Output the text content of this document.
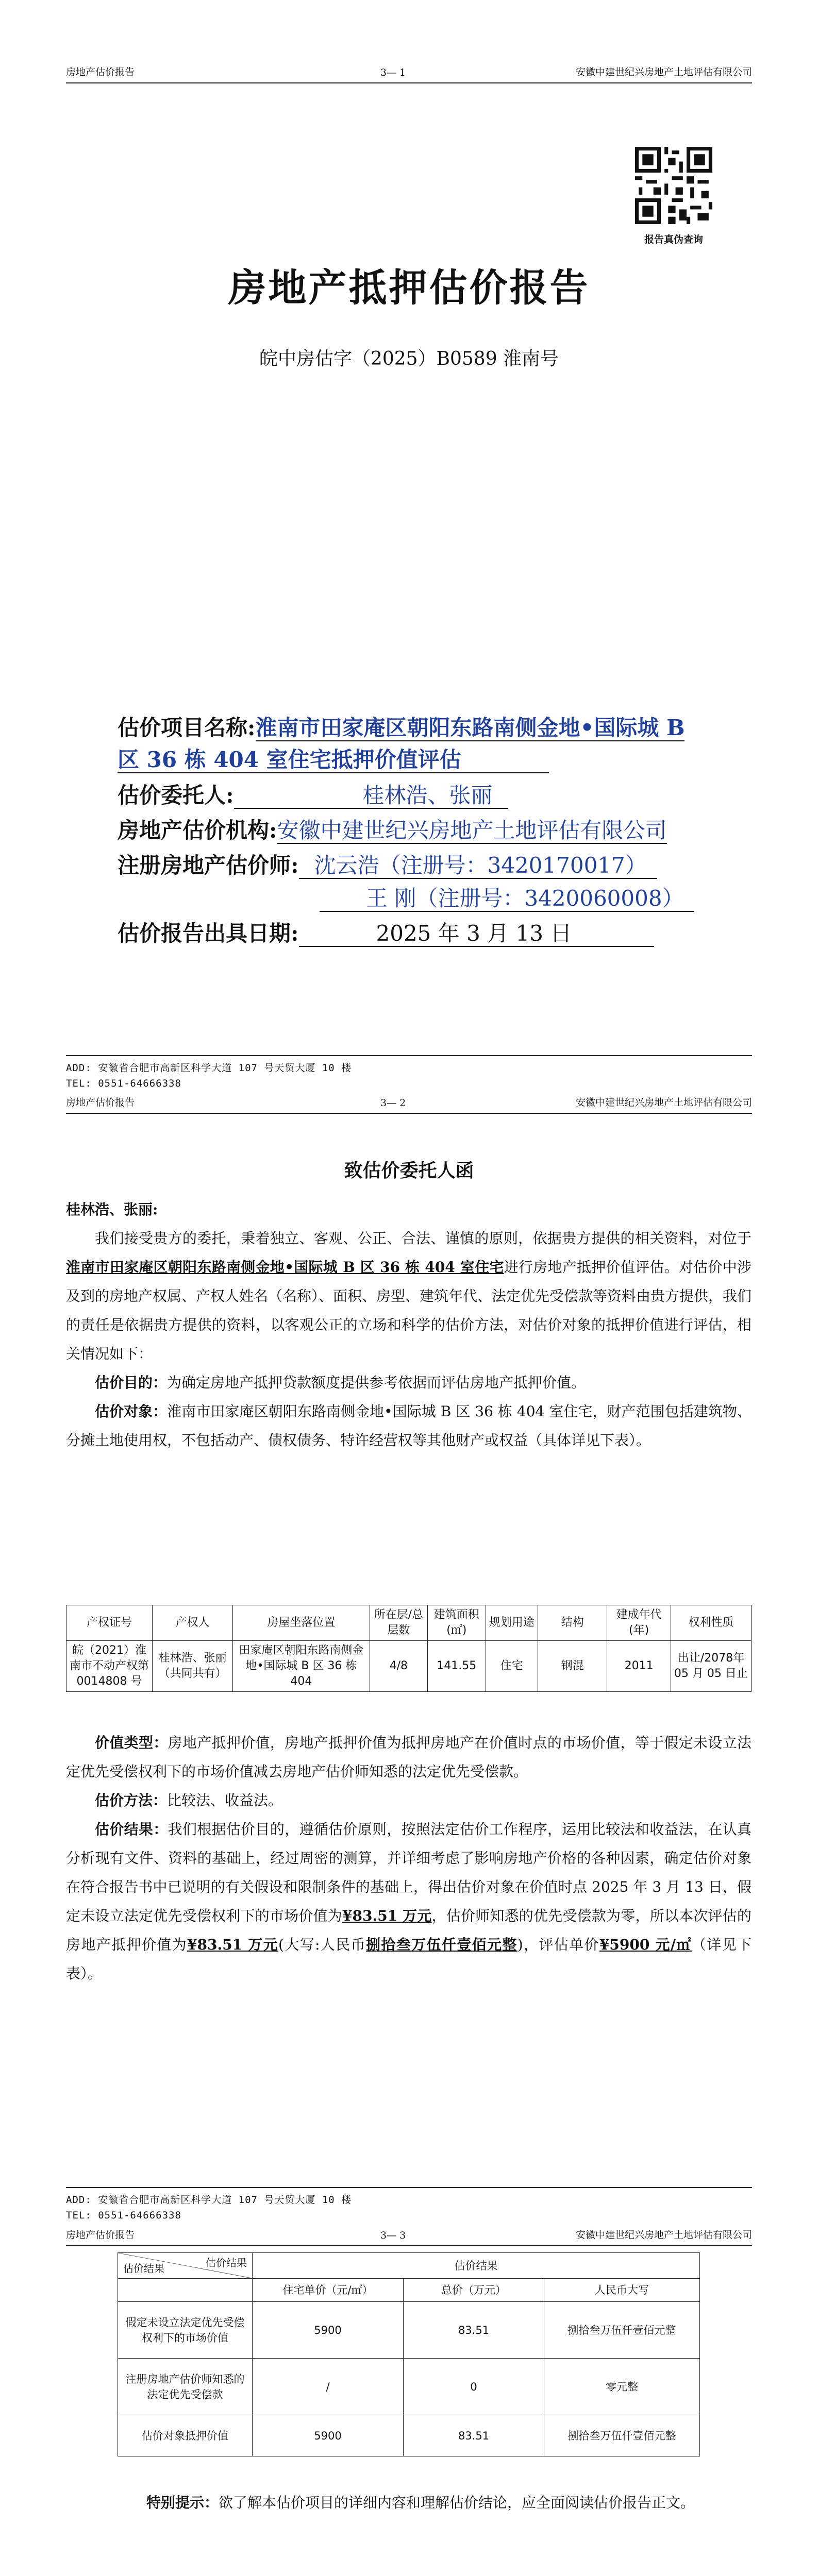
房地产估价报告	3— 1	安徽中建世纪兴房地产土地评估有限公司
报告真伪查询
房地产抵押估价报告
皖中房估字（2025）B0589 淮南号
估价项目名称:淮南市田家庵区朝阳东路南侧金地•国际城 B
区 36 栋 404 室住宅抵押价值评估
估价委托人:	桂林浩、张丽
房地产估价机构:安徽中建世纪兴房地产土地评估有限公司
注册房地产估价师: 沈云浩（注册号：3420170017）
王 刚（注册号：3420060008）
估价报告出具日期:	2025 年 3 月 13 日
ADD: 安徽省合肥市高新区科学大道 107 号天贸大厦 10 楼
TEL: 0551-64666338
房地产估价报告	3— 2	安徽中建世纪兴房地产土地评估有限公司
致估价委托人函
桂林浩、张丽:
我们接受贵方的委托，秉着独立、客观、公正、合法、谨慎的原则，依据贵方提供的相关资料，对位于淮南市田家庵区朝阳东路南侧金地•国际城 B 区 36 栋 404 室住宅进行房地产抵押价值评估。对估价中涉及到的房地产权属、产权人姓名（名称）、面积、房型、建筑年代、法定优先受偿款等资料由贵方提供，我们的责任是依据贵方提供的资料，以客观公正的立场和科学的估价方法，对估价对象的抵押价值进行评估，相关情况如下：
估价目的：为确定房地产抵押贷款额度提供参考依据而评估房地产抵押价值。
估价对象：淮南市田家庵区朝阳东路南侧金地•国际城 B 区 36 栋 404 室住宅，财产范围包括建筑物、分摊土地使用权，不包括动产、债权债务、特许经营权等其他财产或权益（具体详见下表）。
产权证号	产权人	房屋坐落位置	所在层/总层数	建筑面积(㎡)	规划用途	结构	建成年代(年)	权利性质
皖（2021）淮南市不动产权第 0014808 号	桂林浩、张丽（共同共有）	田家庵区朝阳东路南侧金地•国际城 B 区 36 栋 404	4/8	141.55	住宅	钢混	2011	出让/2078年 05 月 05 日止
价值类型：房地产抵押价值，房地产抵押价值为抵押房地产在价值时点的市场价值，等于假定未设立法定优先受偿权利下的市场价值减去房地产估价师知悉的法定优先受偿款。
估价方法：比较法、收益法。
估价结果：我们根据估价目的，遵循估价原则，按照法定估价工作程序，运用比较法和收益法，在认真分析现有文件、资料的基础上，经过周密的测算，并详细考虑了影响房地产价格的各种因素，确定估价对象在符合报告书中已说明的有关假设和限制条件的基础上，得出估价对象在价值时点 2025 年 3 月 13 日，假定未设立法定优先受偿权利下的市场价值为¥83.51 万元，估价师知悉的优先受偿款为零，所以本次评估的房地产抵押价值为¥83.51 万元(大写:人民币捌拾叁万伍仟壹佰元整)，评估单价¥5900 元/㎡（详见下表）。
ADD: 安徽省合肥市高新区科学大道 107 号天贸大厦 10 楼
TEL: 0551-64666338
房地产估价报告	3— 3	安徽中建世纪兴房地产土地评估有限公司
估价结果
估价结果	估价结果		
	住宅单价（元/㎡）	总价（万元）	人民币大写
假定未设立法定优先受偿权利下的市场价值	5900	83.51	捌拾叁万伍仟壹佰元整
注册房地产估价师知悉的法定优先受偿款	/	0	零元整
估价对象抵押价值	5900	83.51	捌拾叁万伍仟壹佰元整
特别提示：欲了解本估价项目的详细内容和理解估价结论，应全面阅读估价报告正文。
